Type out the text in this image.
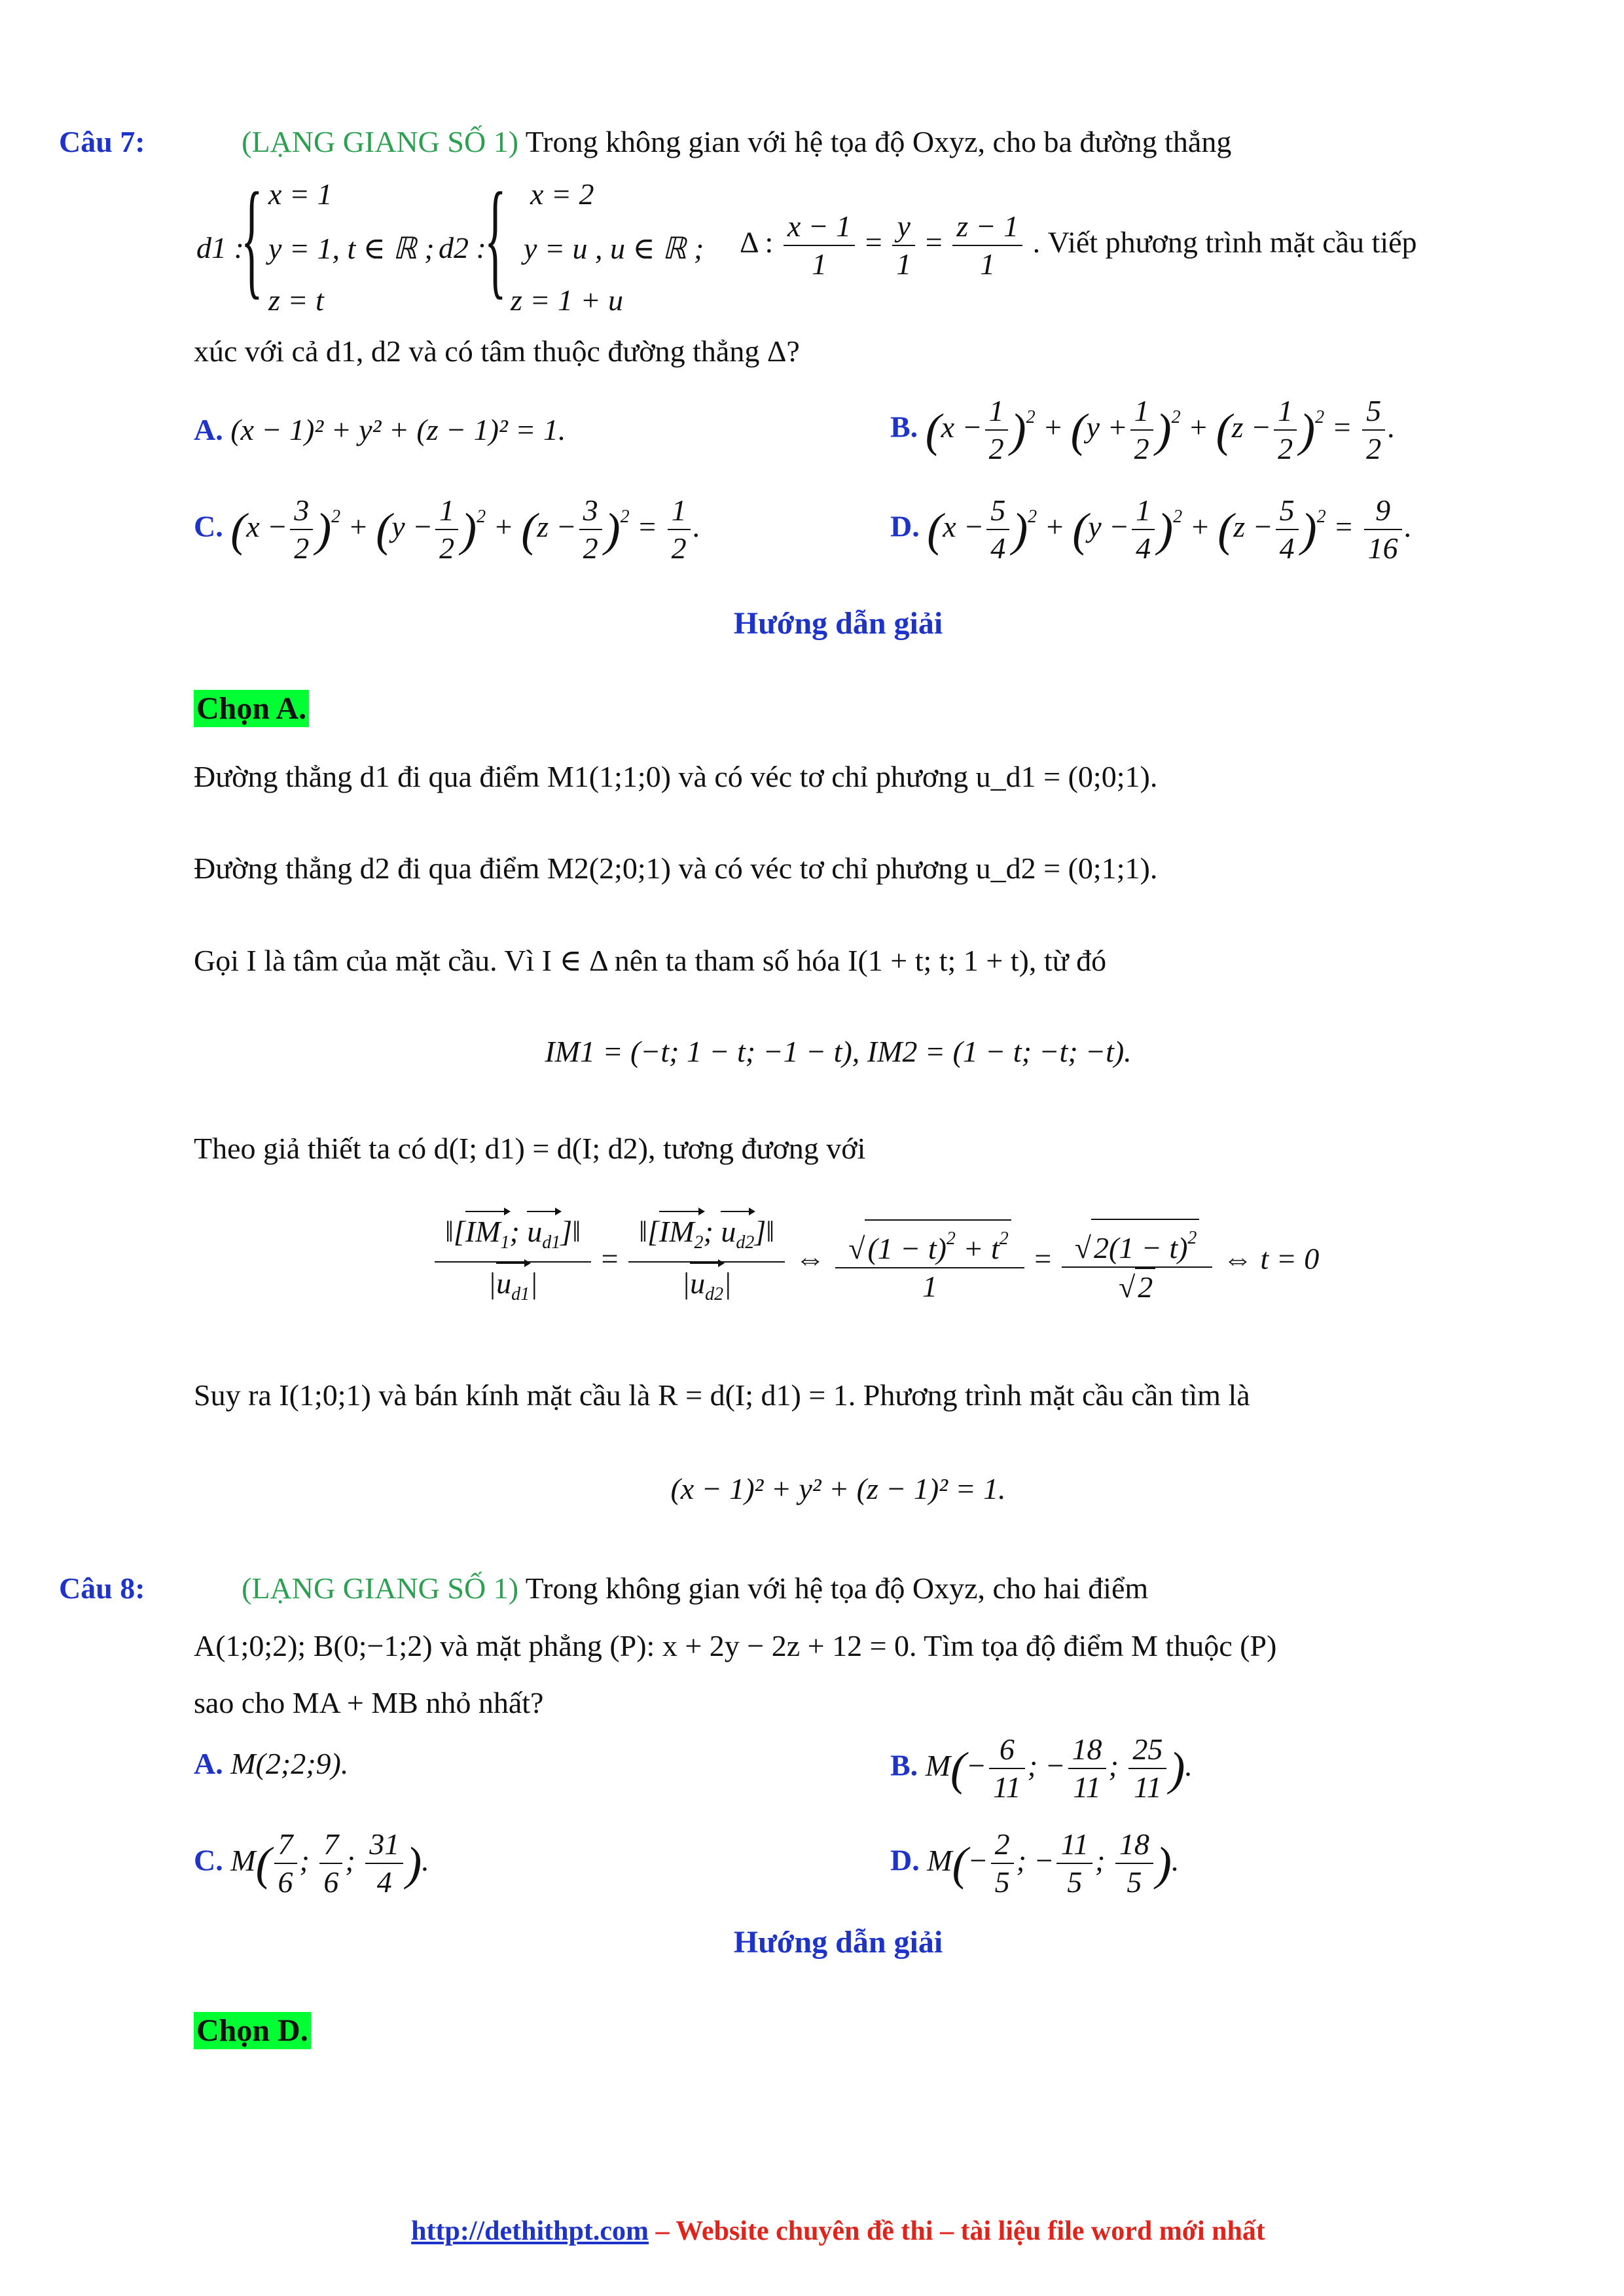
Câu 7:	(LẠNG GIANG SỐ 1) Trong không gian với hệ tọa độ Oxyz, cho ba đường thẳng
d1 :
{ x = 1
y = 1, t ∈ ℝ ;
z = t
d2 :
{ x = 2
y = u , u ∈ ℝ ;
z = 1 + u
Δ : $\frac{x - 1}{1} = \frac{y}{1} = \frac{z - 1}{1}$ . Viết phương trình mặt cầu tiếp
xúc với cả d1, d2 và có tâm thuộc đường thẳng Δ?
A. (x − 1)² + y² + (z − 1)² = 1.	B. $(x - \frac{1}{2} )^2 + (y + \frac{1}{2} )^2 + (z - \frac{1}{2} )^2 = \frac{5}{2}$ .
C. $(x - \frac{3}{2} )^2 + (y - \frac{1}{2} )^2 + (z - \frac{3}{2} )^2 = \frac{1}{2}$ .	D. $(x - \frac{5}{4} )^2 + (y - \frac{1}{4} )^2 + (z - \frac{5}{4} )^2 = \frac{9}{16}$ .
Hướng dẫn giải
Chọn A.
Đường thẳng d1 đi qua điểm M1(1;1;0) và có véc tơ chỉ phương u_d1 = (0;0;1).
Đường thẳng d2 đi qua điểm M2(2;0;1) và có véc tơ chỉ phương u_d2 = (0;1;1).
Gọi I là tâm của mặt cầu. Vì I ∈ Δ nên ta tham số hóa I(1 + t; t; 1 + t), từ đó
IM1 = (−t; 1 − t; −1 − t), IM2 = (1 − t; −t; −t).
Theo giả thiết ta có d(I; d1) = d(I; d2), tương đương với
$\frac{‖[IM_1; u_{d1}]‖}{|u_{d1}|} = \frac{‖[IM_2; u_{d2}]‖}{|u_{d2}|}$ ⇔ $\frac{√(1 - t)^2 + t^2}{1} = \frac{√2(1 - t)^2}{√2}$ ⇔ t = 0
Suy ra I(1;0;1) và bán kính mặt cầu là R = d(I; d1) = 1. Phương trình mặt cầu cần tìm là
(x − 1)² + y² + (z − 1)² = 1.
Câu 8:	(LẠNG GIANG SỐ 1) Trong không gian với hệ tọa độ Oxyz, cho hai điểm
A(1;0;2); B(0;−1;2) và mặt phẳng (P): x + 2y − 2z + 12 = 0. Tìm tọa độ điểm M thuộc (P)
sao cho MA + MB nhỏ nhất?
A. M(2;2;9).	B. $M(- \frac{6}{11}$ ; − $\frac{18}{11}$ ; $\frac{25}{11}$ ).
C. $M( \frac{7}{6}$ ; $\frac{7}{6}$ ; $\frac{31}{4}$ ).	D. $M(- \frac{2}{5}$ ; − $\frac{11}{5}$ ; $\frac{18}{5}$ ).
Hướng dẫn giải
Chọn D.
http://dethithpt.com – Website chuyên đề thi – tài liệu file word mới nhất
